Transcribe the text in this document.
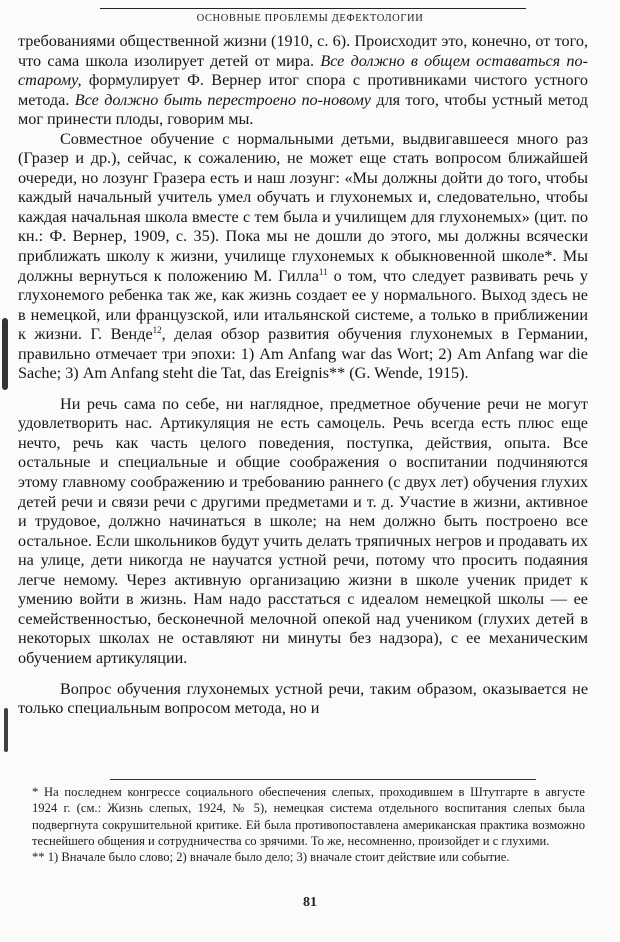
ОСНОВНЫЕ ПРОБЛЕМЫ ДЕФЕКТОЛОГИИ

требованиями общественной жизни (1910, с. 6). Происходит это, конечно, от того, что сама школа изолирует детей от мира. Все должно в общем оставаться по-старому, формулирует Ф. Вернер итог спора с противниками чистого устного метода. Все должно быть перестроено по-новому для того, чтобы устный метод мог принести плоды, говорим мы.

Совместное обучение с нормальными детьми, выдвигавшееся много раз (Гразер и др.), сейчас, к сожалению, не может еще стать вопросом ближайшей очереди, но лозунг Гразера есть и наш лозунг: «Мы должны дойти до того, чтобы каждый начальный учитель умел обучать и глухонемых и, следовательно, чтобы каждая начальная школа вместе с тем была и училищем для глухонемых» (цит. по кн.: Ф. Вернер, 1909, с. 35). Пока мы не дошли до этого, мы должны всячески приближать школу к жизни, училище глухонемых к обыкновенной школе*. Мы должны вернуться к положению М. Гилла$^{11}$ о том, что следует развивать речь у глухонемого ребенка так же, как жизнь создает ее у нормального. Выход здесь не в немецкой, или французской, или итальянской системе, а только в приближении к жизни. Г. Венде$^{12}$, делая обзор развития обучения глухонемых в Германии, правильно отмечает три эпохи: 1) Am Anfang war das Wort; 2) Am Anfang war die Sache; 3) Am Anfang steht die Tat, das Ereignis** (G. Wende, 1915).

Ни речь сама по себе, ни наглядное, предметное обучение речи не могут удовлетворить нас. Артикуляция не есть самоцель. Речь всегда есть плюс еще нечто, речь как часть целого поведения, поступка, действия, опыта. Все остальные и специальные и общие соображения о воспитании подчиняются этому главному соображению и требованию раннего (с двух лет) обучения глухих детей речи и связи речи с другими предметами и т. д. Участие в жизни, активное и трудовое, должно начинаться в школе; на нем должно быть построено все остальное. Если школьников будут учить делать тряпичных негров и продавать их на улице, дети никогда не научатся устной речи, потому что просить подаяния легче немому. Через активную организацию жизни в школе ученик придет к умению войти в жизнь. Нам надо расстаться с идеалом немецкой школы — ее семейственностью, бесконечной мелочной опекой над учеником (глухих детей в некоторых школах не оставляют ни минуты без надзора), с ее механическим обучением артикуляции.

Вопрос обучения глухонемых устной речи, таким образом, оказывается не только специальным вопросом метода, но и

* На последнем конгрессе социального обеспечения слепых, проходившем в Штутгарте в августе 1924 г. (см.: Жизнь слепых, 1924, № 5), немецкая система отдельного воспитания слепых была подвергнута сокрушительной критике. Ей была противопоставлена американская практика возможно теснейшего общения и сотрудничества со зрячими. То же, несомненно, произойдет и с глухими.

** 1) Вначале было слово; 2) вначале было дело; 3) вначале стоит действие или событие.

81
